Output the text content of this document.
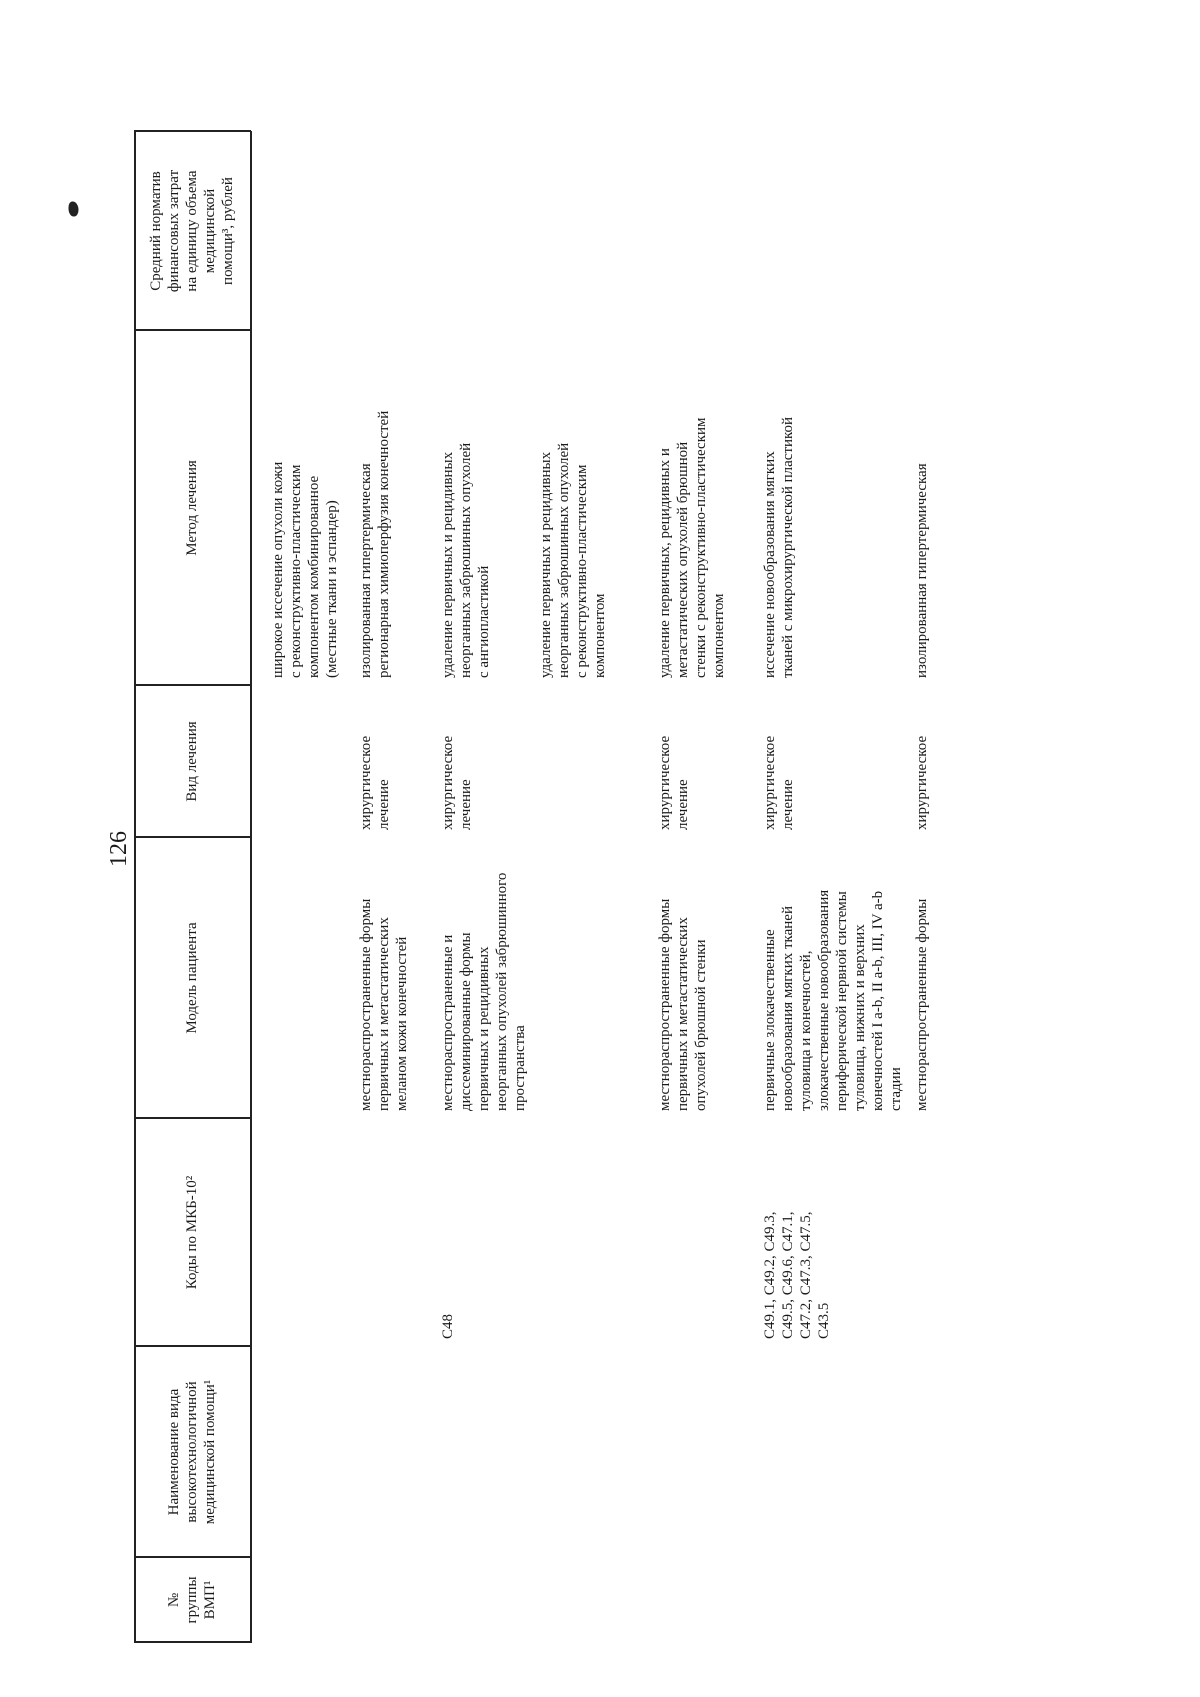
126
№
группы
ВМП¹
Наименование вида
высокотехнологичной
медицинской помощи¹
Коды по МКБ-10²
Модель пациента
Вид лечения
Метод лечения
Средний норматив
финансовых затрат
на единицу объема
медицинской
помощи³, рублей
широкое иссечение опухоли кожи
с реконструктивно-пластическим
компонентом комбинированное
(местные ткани и эспандер)
местнораспространенные формы
первичных и метастатических
меланом кожи конечностей
хирургическое
лечение
изолированная гипертермическая
регионарная химиоперфузия конечностей
C48
местнораспространенные и
диссеминированные формы
первичных и рецидивных
неорганных опухолей забрюшинного
пространства
хирургическое
лечение
удаление первичных и рецидивных
неорганных забрюшинных опухолей
с ангиопластикой	удаление первичных и рецидивных
неорганных забрюшинных опухолей
с реконструктивно-пластическим
компонентом
местнораспространенные формы
первичных и метастатических
опухолей брюшной стенки
хирургическое
лечение
удаление первичных, рецидивных и
метастатических опухолей брюшной
стенки с реконструктивно-пластическим
компонентом
C49.1, C49.2, C49.3,
C49.5, C49.6, C47.1,
C47.2, C47.3, C47.5,
C43.5
первичные злокачественные
новообразования мягких тканей
туловища и конечностей,
злокачественные новообразования
периферической нервной системы
туловища, нижних и верхних
конечностей I a-b, II a-b, III, IV a-b
стадии
хирургическое
лечение
иссечение новообразования мягких
тканей с микрохирургической пластикой
местнораспространенные формы
хирургическое
изолированная гипертермическая
